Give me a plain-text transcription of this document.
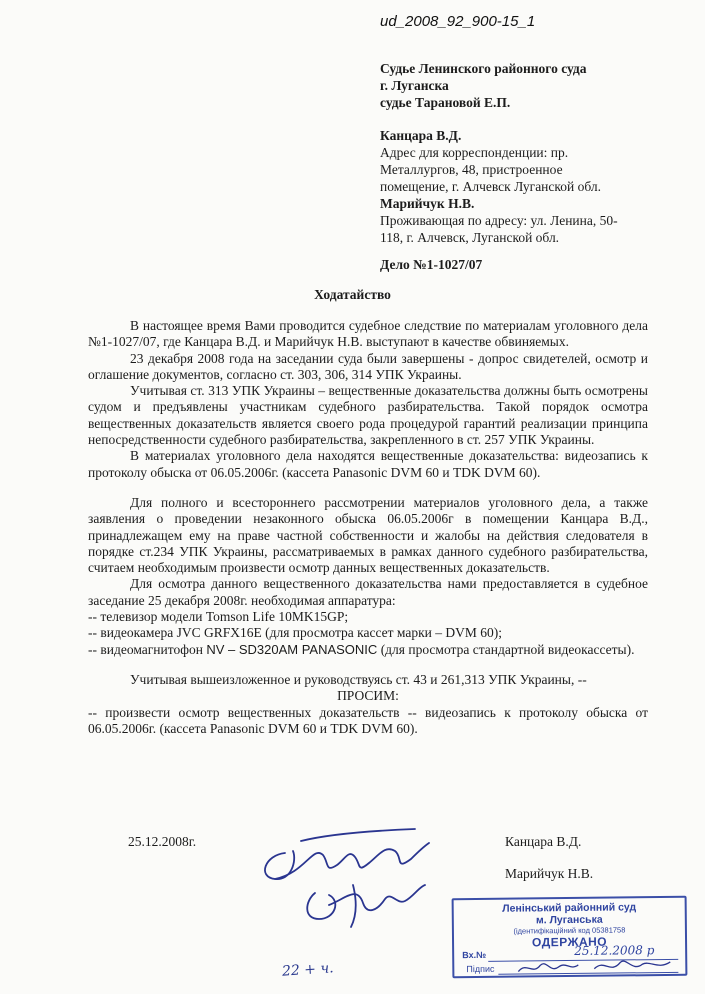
ud_2008_92_900-15_1
Судье Ленинского районного суда
г. Луганска
судье Тарановой Е.П.
Канцара В.Д.
Адрес для корреспонденции: пр.
Металлургов, 48, пристроенное
помещение, г. Алчевск Луганской обл.
Марийчук Н.В.
Проживающая по адресу: ул. Ленина, 50-
118, г. Алчевск, Луганской обл.
Дело №1-1027/07
Ходатайство

В настоящее время Вами проводится судебное следствие по материалам уголовного дела №1-1027/07, где Канцара В.Д. и Марийчук Н.В. выступают в качестве обвиняемых.

23 декабря 2008 года на заседании суда были завершены - допрос свидетелей, осмотр и оглашение документов, согласно ст. 303, 306, 314 УПК Украины.

Учитывая ст. 313 УПК Украины – вещественные доказательства должны быть осмотрены судом и предъявлены участникам судебного разбирательства. Такой порядок осмотра вещественных доказательств является своего рода процедурой гарантий реализации принципа непосредственности судебного разбирательства, закрепленного в ст. 257 УПК Украины.

В материалах уголовного дела находятся вещественные доказательства: видеозапись к протоколу обыска от 06.05.2006г. (кассета Panasonic DVM 60 и TDK DVM 60).

Для полного и всестороннего рассмотрении материалов уголовного дела, а также заявления о проведении незаконного обыска 06.05.2006г в помещении Канцара В.Д., принадлежащем ему на праве частной собственности и жалобы на действия следователя в порядке ст.234 УПК Украины, рассматриваемых в рамках данного судебного разбирательства, считаем необходимым произвести осмотр данных вещественных доказательств.

Для осмотра данного вещественного доказательства нами предоставляется в судебное заседание 25 декабря 2008г. необходимая аппаратура:

-- телевизор модели Tomson Life 10MK15GP;

-- видеокамера JVC GRFX16E (для просмотра кассет марки – DVM 60);

-- видеомагнитофон NV – SD320AM PANASONIC (для просмотра стандартной видеокассеты).

Учитывая вышеизложенное и руководствуясь ст. 43 и 261,313 УПК Украины, --

ПРОСИМ:

-- произвести осмотр вещественных доказательств -- видеозапись к протоколу обыска от 06.05.2006г. (кассета Panasonic DVM 60 и TDK DVM 60).

25.12.2008г.	Канцара В.Д.
Марийчук Н.В.
Ленінський районний суд
м. Луганська
(ідентифікаційний код 05381758
ОДЕРЖАНО
Вх.№	25.12.2008 р
Підпис
22 + ч.
